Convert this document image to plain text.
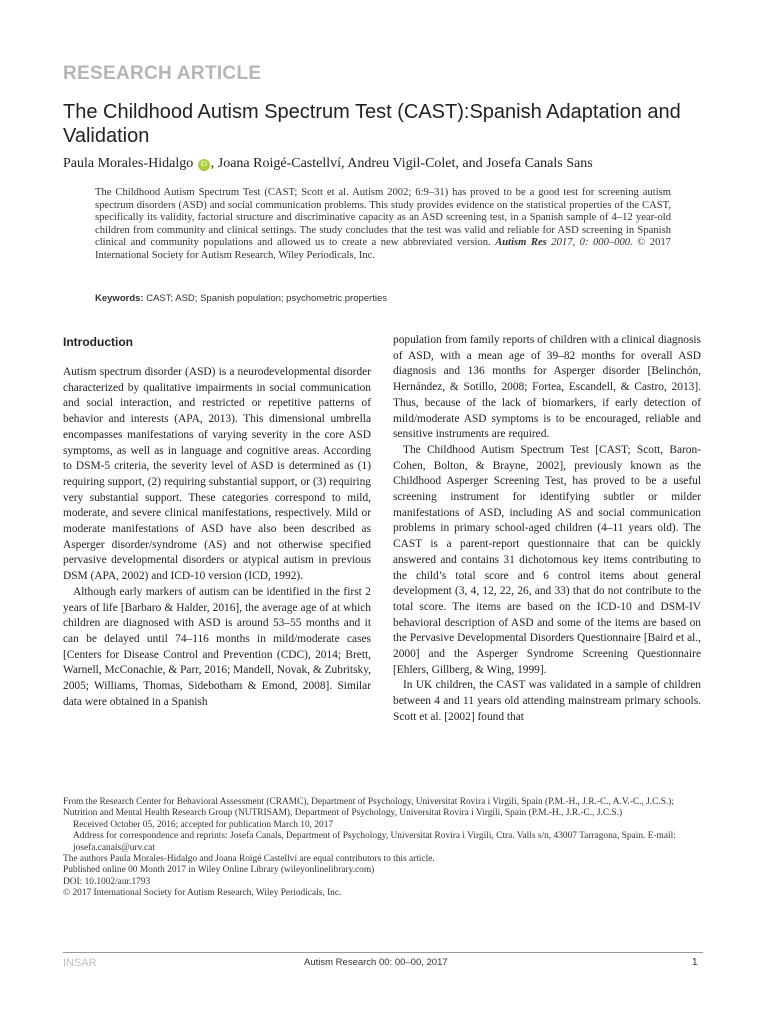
RESEARCH ARTICLE
The Childhood Autism Spectrum Test (CAST):Spanish Adaptation and Validation
Paula Morales-Hidalgo iD , Joana Roigé-Castellví, Andreu Vigil-Colet, and Josefa Canals Sans
The Childhood Autism Spectrum Test (CAST; Scott et al. Autism 2002; 6:9–31) has proved to be a good test for screening autism spectrum disorders (ASD) and social communication problems. This study provides evidence on the statistical properties of the CAST, specifically its validity, factorial structure and discriminative capacity as an ASD screening test, in a Spanish sample of 4–12 year-old children from community and clinical settings. The study concludes that the test was valid and reliable for ASD screening in Spanish clinical and community populations and allowed us to create a new abbreviated version. Autism Res 2017, 0: 000–000. © 2017 International Society for Autism Research, Wiley Periodicals, Inc.
Keywords: CAST; ASD; Spanish population; psychometric properties
Introduction

Autism spectrum disorder (ASD) is a neurodevelopmental disorder characterized by qualitative impairments in social communication and social interaction, and restricted or repetitive patterns of behavior and interests (APA, 2013). This dimensional umbrella encompasses manifestations of varying severity in the core ASD symptoms, as well as in language and cognitive areas. According to DSM-5 criteria, the severity level of ASD is determined as (1) requiring support, (2) requiring substantial support, or (3) requiring very substantial support. These categories correspond to mild, moderate, and severe clinical manifestations, respectively. Mild or moderate manifestations of ASD have also been described as Asperger disorder/syndrome (AS) and not otherwise specified pervasive developmental disorders or atypical autism in previous DSM (APA, 2002) and ICD-10 version (ICD, 1992).

Although early markers of autism can be identified in the first 2 years of life [Barbaro & Halder, 2016], the average age of at which children are diagnosed with ASD is around 53–55 months and it can be delayed until 74–116 months in mild/moderate cases [Centers for Disease Control and Prevention (CDC), 2014; Brett, Warnell, McConachie, & Parr, 2016; Mandell, Novak, & Zubritsky, 2005; Williams, Thomas, Sidebotham & Emond, 2008]. Similar data were obtained in a Spanish

population from family reports of children with a clinical diagnosis of ASD, with a mean age of 39–82 months for overall ASD diagnosis and 136 months for Asperger disorder [Belinchón, Hernández, & Sotillo, 2008; Fortea, Escandell, & Castro, 2013]. Thus, because of the lack of biomarkers, if early detection of mild/moderate ASD symptoms is to be encouraged, reliable and sensitive instruments are required.

The Childhood Autism Spectrum Test [CAST; Scott, Baron-Cohen, Bolton, & Brayne, 2002], previously known as the Childhood Asperger Screening Test, has proved to be a useful screening instrument for identifying subtler or milder manifestations of ASD, including AS and social communication problems in primary school-aged children (4–11 years old). The CAST is a parent-report questionnaire that can be quickly answered and contains 31 dichotomous key items contributing to the child’s total score and 6 control items about general development (3, 4, 12, 22, 26, and 33) that do not contribute to the total score. The items are based on the ICD-10 and DSM-IV behavioral description of ASD and some of the items are based on the Pervasive Developmental Disorders Questionnaire [Baird et al., 2000] and the Asperger Syndrome Screening Questionnaire [Ehlers, Gillberg, & Wing, 1999].

In UK children, the CAST was validated in a sample of children between 4 and 11 years old attending mainstream primary schools. Scott et al. [2002] found that

From the Research Center for Behavioral Assessment (CRAMC), Department of Psychology, Universitat Rovira i Virgili, Spain (P.M.-H., J.R.-C., A.V.-C., J.C.S.); Nutrition and Mental Health Research Group (NUTRISAM), Department of Psychology, Universitat Rovira i Virgili, Spain (P.M.-H., J.R.-C., J.C.S.)

Received October 05, 2016; accepted for publication March 10, 2017

Address for correspondence and reprints: Josefa Canals, Department of Psychology, Universitat Rovira i Virgili, Ctra. Valls s/n, 43007 Tarragona, Spain. E-mail: josefa.canals@urv.cat

The authors Paula Morales-Hidalgo and Joana Roigé Castellví are equal contributors to this article.

Published online 00 Month 2017 in Wiley Online Library (wileyonlinelibrary.com)

DOI: 10.1002/aur.1793

© 2017 International Society for Autism Research, Wiley Periodicals, Inc.

INSAR	Autism Research 00: 00–00, 2017	1
